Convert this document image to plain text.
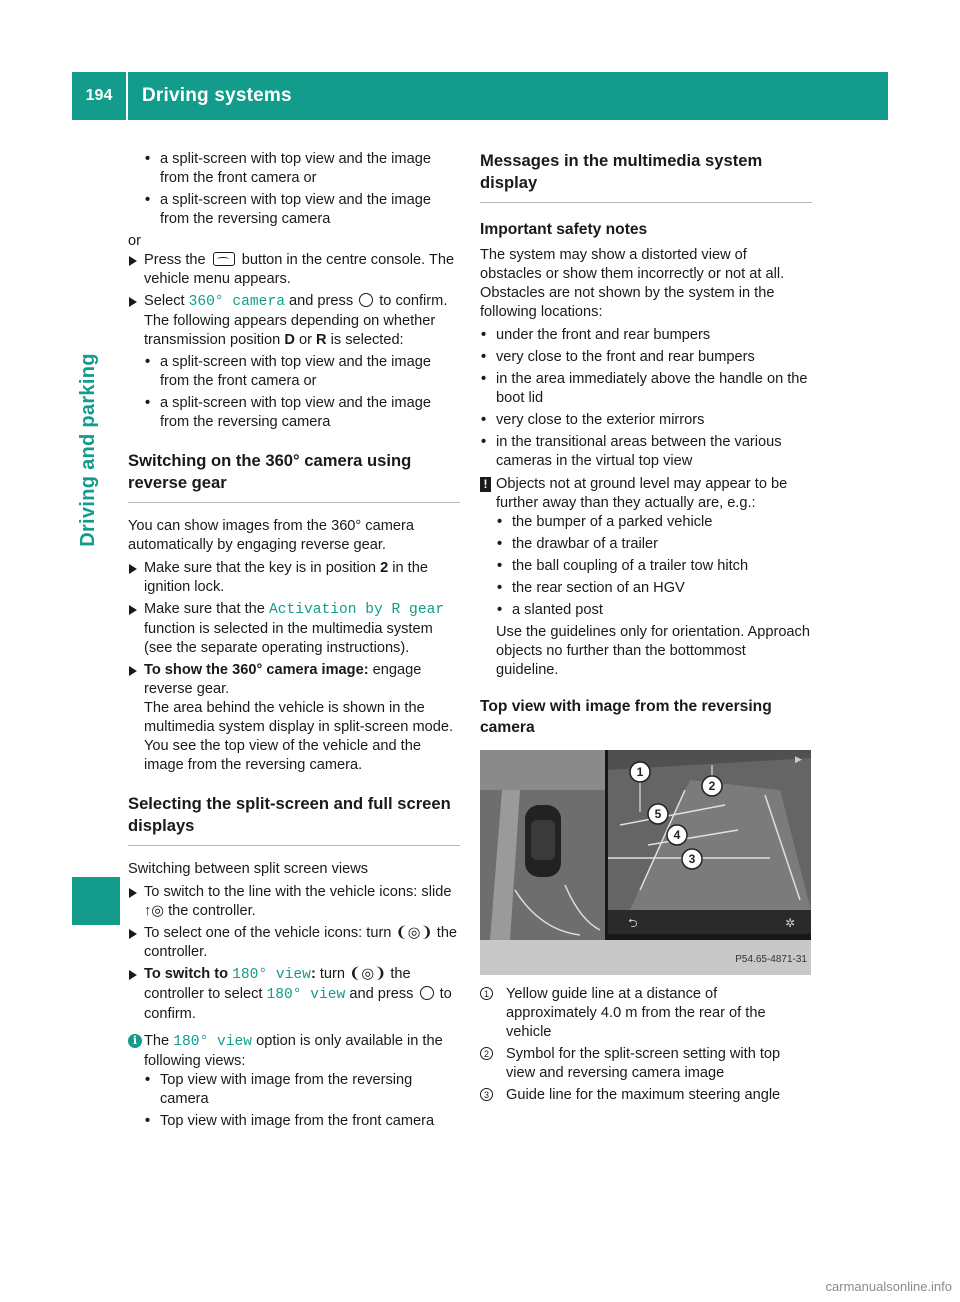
194	Driving systems
Driving and parking
• a split-screen with top view and the image from the front camera or
• a split-screen with top view and the image from the reversing camera

or

Press the button in the centre console. The vehicle menu appears.
Select 360° camera and press to confirm. The following appears depending on whether transmission position D or R is selected:
• a split-screen with top view and the image from the front camera or
• a split-screen with top view and the image from the reversing camera
Switching on the 360° camera using reverse gear

You can show images from the 360° camera automatically by engaging reverse gear.

Make sure that the key is in position 2 in the ignition lock.
Make sure that the Activation by R gear function is selected in the multimedia system (see the separate operating instructions).
To show the 360° camera image: engage reverse gear.
The area behind the vehicle is shown in the multimedia system display in split-screen mode. You see the top view of the vehicle and the image from the reversing camera.
Selecting the split-screen and full screen displays

Switching between split screen views

To switch to the line with the vehicle icons: slide ↑◎ the controller.
To select one of the vehicle icons: turn ❨◎❩ the controller.
To switch to 180° view: turn ❨◎❩ the controller to select 180° view and press to confirm.
i The 180° view option is only available in the following views:
• Top view with image from the reversing camera
• Top view with image from the front camera
Messages in the multimedia system display
Important safety notes

The system may show a distorted view of obstacles or show them incorrectly or not at all. Obstacles are not shown by the system in the following locations:

• under the front and rear bumpers
• very close to the front and rear bumpers
• in the area immediately above the handle on the boot lid
• very close to the exterior mirrors
• in the transitional areas between the various cameras in the virtual top view
! Objects not at ground level may appear to be further away than they actually are, e.g.:
• the bumper of a parked vehicle
• the drawbar of a trailer
• the ball coupling of a trailer tow hitch
• the rear section of an HGV
• a slanted post

Use the guidelines only for orientation. Approach objects no further than the bottommost guideline.

Top view with image from the reversing camera
⮌	✲
▶
1
2
5
4
3
P54.65-4871-31
1 Yellow guide line at a distance of approximately 4.0 m from the rear of the vehicle
2 Symbol for the split-screen setting with top view and reversing camera image
3 Guide line for the maximum steering angle
carmanualsonline.info
